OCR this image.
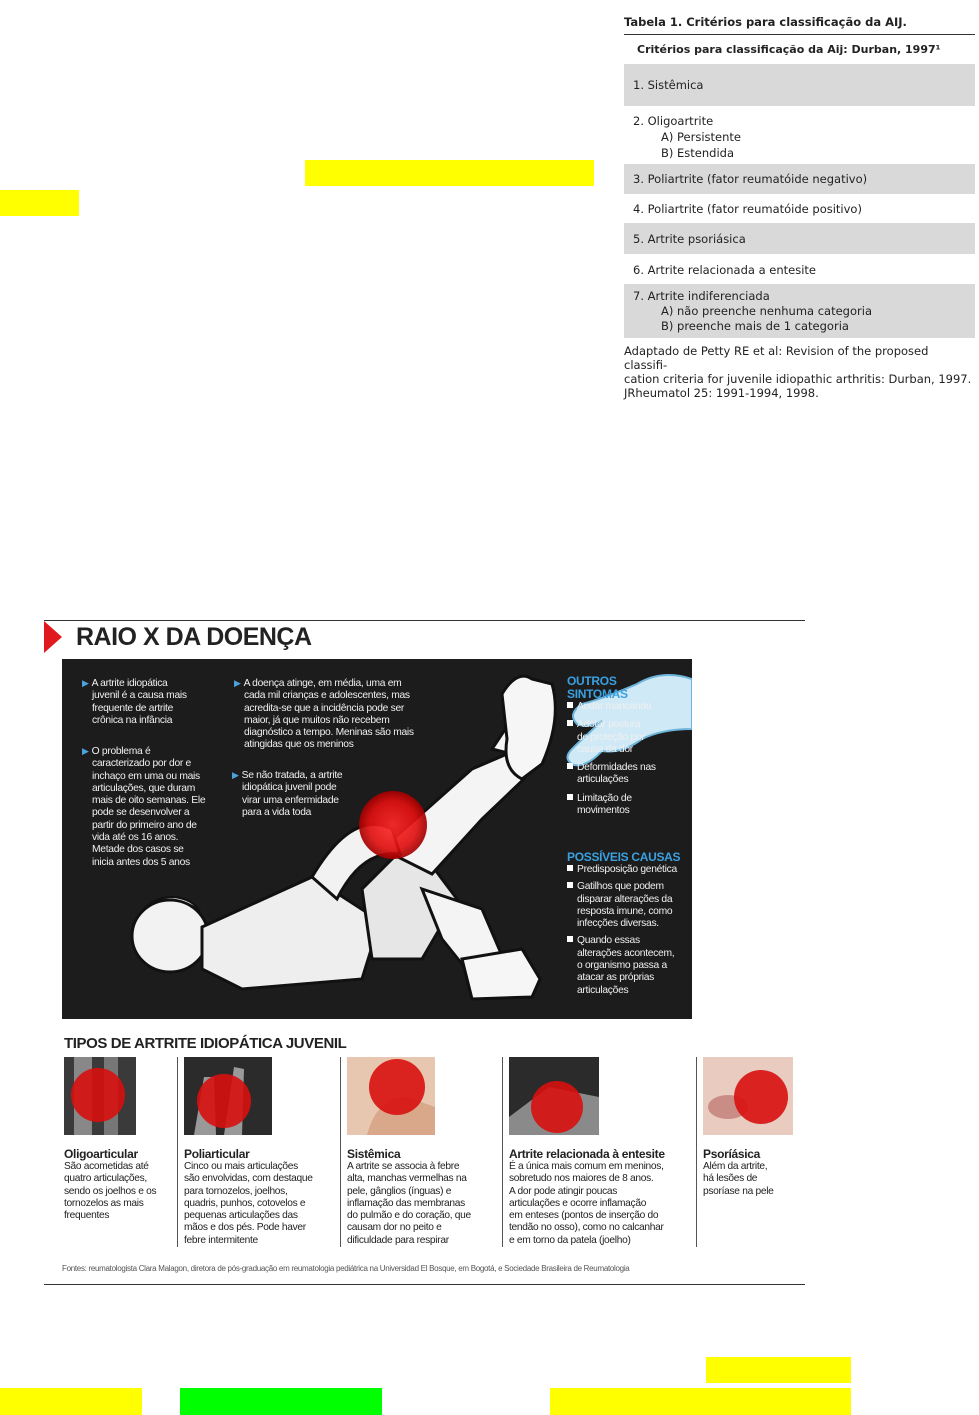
Tabela 1. Critérios para classificação da AIJ.
Critérios para classificação da Aij: Durban, 1997¹
1. Sistêmica
2. Oligoartrite
A) Persistente
B) Estendida
3. Poliartrite (fator reumatóide negativo)
4. Poliartrite (fator reumatóide positivo)
5. Artrite psoriásica
6. Artrite relacionada a entesite
7. Artrite indiferenciada
A) não preenche nenhuma categoria
B) preenche mais de 1 categoria
Adaptado de Petty RE et al: Revision of the proposed classifi-
cation criteria for juvenile idiopathic arthritis: Durban, 1997.
JRheumatol 25: 1991-1994, 1998.
RAIO X DA DOENÇA
▶ A artrite idiopática
juvenil é a causa mais
frequente de artrite
crônica na infância
▶ O problema é
caracterizado por dor e
inchaço em uma ou mais
articulações, que duram
mais de oito semanas. Ele
pode se desenvolver a
partir do primeiro ano de
vida até os 16 anos.
Metade dos casos se
inicia antes dos 5 anos
▶ A doença atinge, em média, uma em
cada mil crianças e adolescentes, mas
acredita-se que a incidência pode ser
maior, já que muitos não recebem
diagnóstico a tempo. Meninas são mais
atingidas que os meninos
▶ Se não tratada, a artrite
idiopática juvenil pode
virar uma enfermidade
para a vida toda
OUTROS
SINTOMAS
Andar mancando
Adotar postura
de proteção por
causa da dor
Deformidades nas
articulações
Limitação de
movimentos
POSSÍVEIS CAUSAS
Predisposição genética
Gatilhos que podem
disparar alterações da
resposta imune, como
infecções diversas.
Quando essas
alterações acontecem,
o organismo passa a
atacar as próprias
articulações
TIPOS DE ARTRITE IDIOPÁTICA JUVENIL
Oligoarticular
São acometidas até
quatro articulações,
sendo os joelhos e os
tornozelos as mais
frequentes
Poliarticular
Cinco ou mais articulações
são envolvidas, com destaque
para tornozelos, joelhos,
quadris, punhos, cotovelos e
pequenas articulações das
mãos e dos pés. Pode haver
febre intermitente
Sistêmica
A artrite se associa à febre
alta, manchas vermelhas na
pele, gânglios (ínguas) e
inflamação das membranas
do pulmão e do coração, que
causam dor no peito e
dificuldade para respirar
Artrite relacionada à entesite
É a única mais comum em meninos,
sobretudo nos maiores de 8 anos.
A dor pode atingir poucas
articulações e ocorre inflamação
em enteses (pontos de inserção do
tendão no osso), como no calcanhar
e em torno da patela (joelho)
Psoríásica
Além da artrite,
há lesões de
psoríase na pele
Fontes: reumatologista Clara Malagon, diretora de pós-graduação em reumatologia pediátrica na Universidad El Bosque, em Bogotá, e Sociedade Brasileira de Reumatologia
